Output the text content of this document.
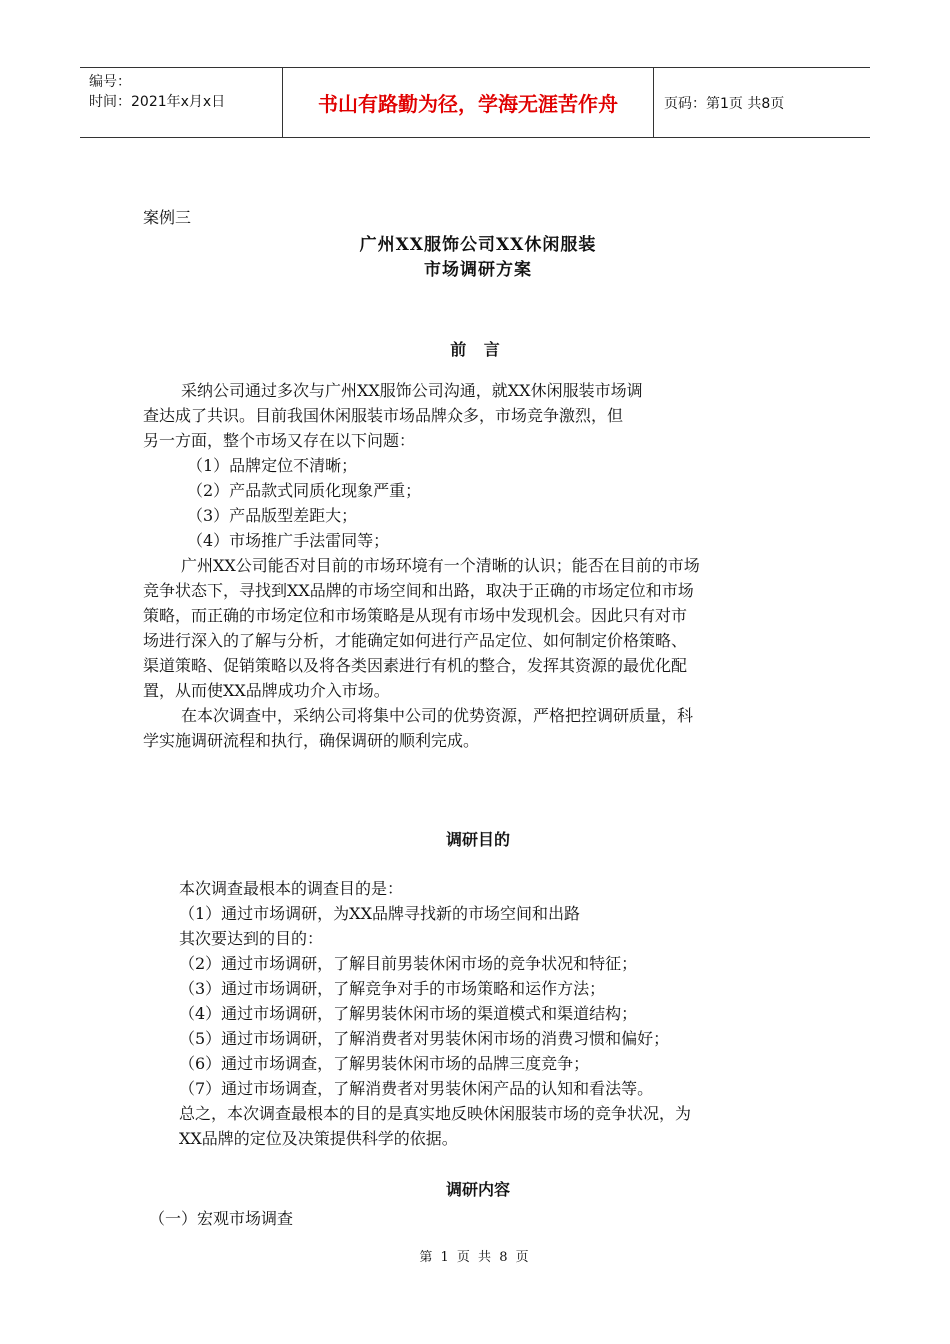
编号：
时间：2021年x月x日	书山有路勤为径，学海无涯苦作舟	页码：第1页 共8页
案例三
广州XX服饰公司XX休闲服装
市场调研方案
前 言
采纳公司通过多次与广州XX服饰公司沟通，就XX休闲服装市场调
查达成了共识。目前我国休闲服装市场品牌众多，市场竞争激烈，但
另一方面，整个市场又存在以下问题：
（1）品牌定位不清晰；
（2）产品款式同质化现象严重；
（3）产品版型差距大；
（4）市场推广手法雷同等；
广州XX公司能否对目前的市场环境有一个清晰的认识；能否在目前的市场
竞争状态下，寻找到XX品牌的市场空间和出路，取决于正确的市场定位和市场
策略，而正确的市场定位和市场策略是从现有市场中发现机会。因此只有对市
场进行深入的了解与分析，才能确定如何进行产品定位、如何制定价格策略、
渠道策略、促销策略以及将各类因素进行有机的整合，发挥其资源的最优化配
置，从而使XX品牌成功介入市场。
在本次调查中，采纳公司将集中公司的优势资源，严格把控调研质量，科
学实施调研流程和执行，确保调研的顺利完成。
调研目的
本次调查最根本的调查目的是：
（1）通过市场调研，为XX品牌寻找新的市场空间和出路
其次要达到的目的：
（2）通过市场调研，了解目前男装休闲市场的竞争状况和特征；
（3）通过市场调研，了解竞争对手的市场策略和运作方法；
（4）通过市场调研，了解男装休闲市场的渠道模式和渠道结构；
（5）通过市场调研，了解消费者对男装休闲市场的消费习惯和偏好；
（6）通过市场调查，了解男装休闲市场的品牌三度竞争；
（7）通过市场调查，了解消费者对男装休闲产品的认知和看法等。
总之，本次调查最根本的目的是真实地反映休闲服装市场的竞争状况，为
XX品牌的定位及决策提供科学的依据。
调研内容
（一）宏观市场调查
第 1 页 共 8 页
